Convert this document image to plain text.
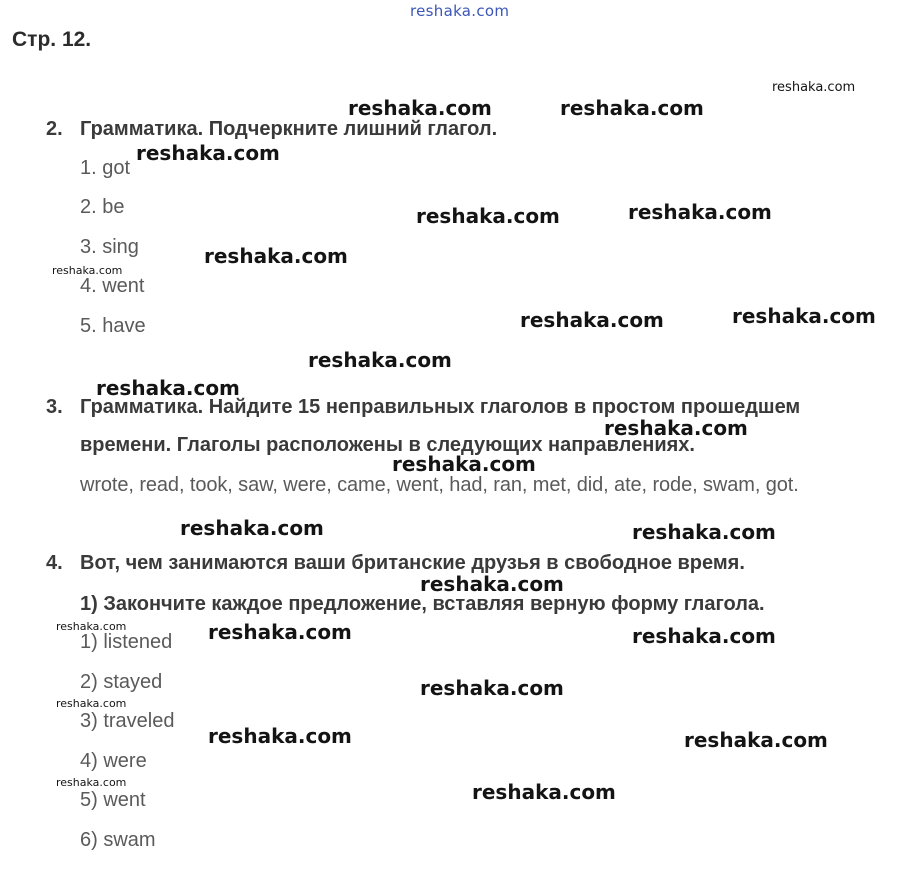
reshaka.com
Стр. 12.
2. Грамматика. Подчеркните лишний глагол.
1. got
2. be
3. sing
4. went
5. have
3. Грамматика. Найдите 15 неправильных глаголов в простом прошедшем
времени. Глаголы расположены в следующих направлениях.
wrote, read, took, saw, were, came, went, had, ran, met, did, ate, rode, swam, got.
4. Вот, чем занимаются ваши британские друзья в свободное время.
1) Закончите каждое предложение, вставляя верную форму глагола.
1) listened
2) stayed
3) traveled
4) were
5) went
6) swam
reshaka.com
reshaka.com	reshaka.com
reshaka.com
reshaka.com	reshaka.com
reshaka.com
reshaka.com
reshaka.com	reshaka.com
reshaka.com
reshaka.com
reshaka.com
reshaka.com
reshaka.com	reshaka.com
reshaka.com
reshaka.com	reshaka.com	reshaka.com
reshaka.com
reshaka.com
reshaka.com	reshaka.com
reshaka.com	reshaka.com
